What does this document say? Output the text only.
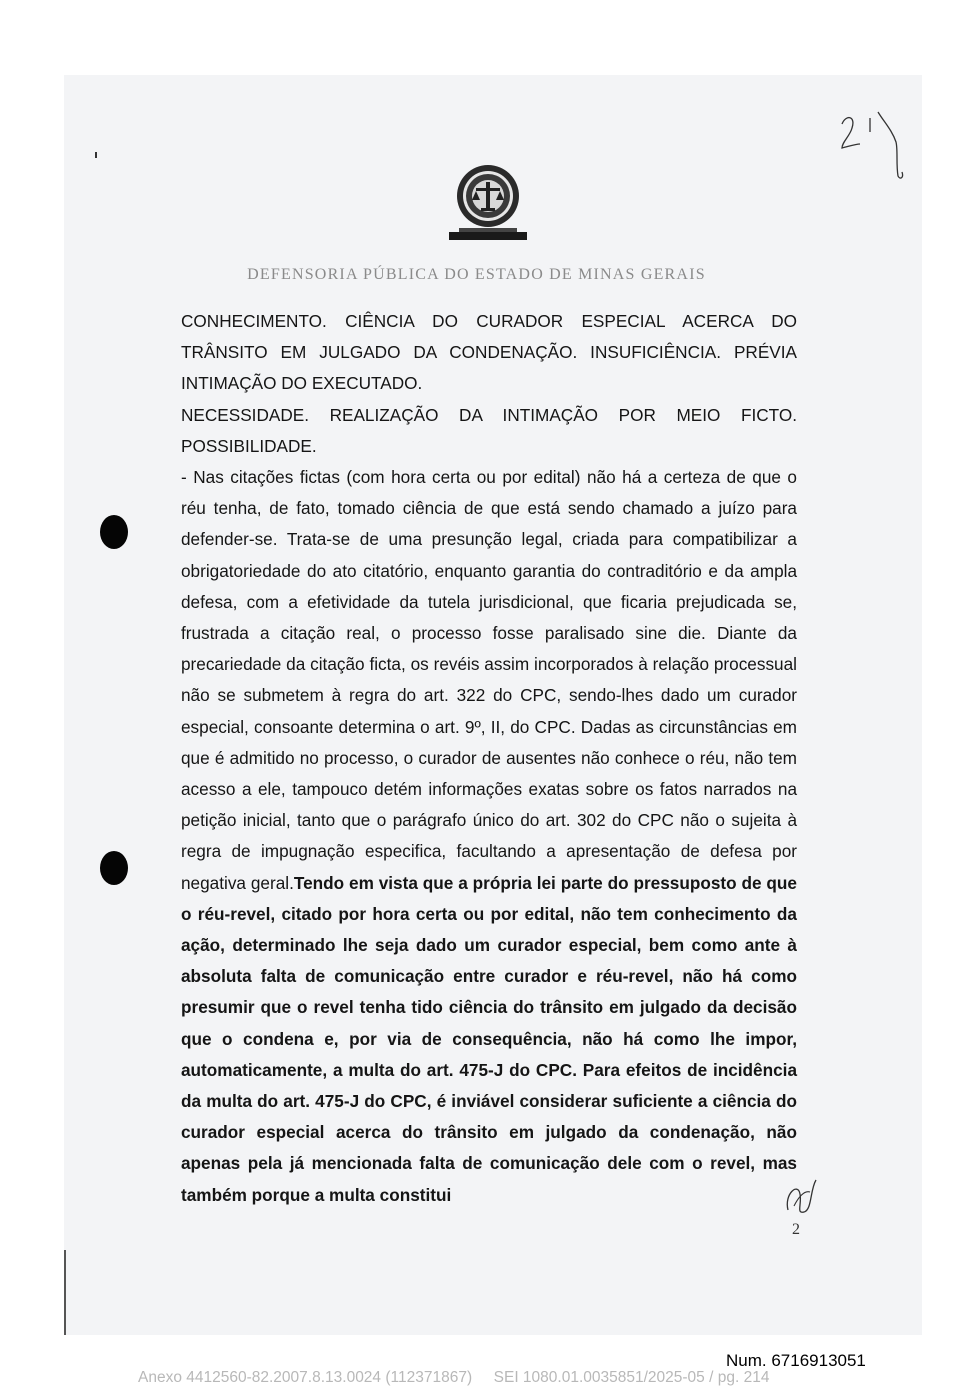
DEFENSORIA PÚBLICA DO ESTADO DE MINAS GERAIS

CONHECIMENTO. CIÊNCIA DO CURADOR ESPECIAL ACERCA DO TRÂNSITO EM JULGADO DA CONDENAÇÃO. INSUFICIÊNCIA. PRÉVIA INTIMAÇÃO DO EXECUTADO.

NECESSIDADE. REALIZAÇÃO DA INTIMAÇÃO POR MEIO FICTO. POSSIBILIDADE.

- Nas citações fictas (com hora certa ou por edital) não há a certeza de que o réu tenha, de fato, tomado ciência de que está sendo chamado a juízo para defender-se. Trata-se de uma presunção legal, criada para compatibilizar a obrigatoriedade do ato citatório, enquanto garantia do contraditório e da ampla defesa, com a efetividade da tutela jurisdicional, que ficaria prejudicada se, frustrada a citação real, o processo fosse paralisado sine die. Diante da precariedade da citação ficta, os revéis assim incorporados à relação processual não se submetem à regra do art. 322 do CPC, sendo-lhes dado um curador especial, consoante determina o art. 9º, II, do CPC. Dadas as circunstâncias em que é admitido no processo, o curador de ausentes não conhece o réu, não tem acesso a ele, tampouco detém informações exatas sobre os fatos narrados na petição inicial, tanto que o parágrafo único do art. 302 do CPC não o sujeita à regra de impugnação especifica, facultando a apresentação de defesa por negativa geral.Tendo em vista que a própria lei parte do pressuposto de que o réu-revel, citado por hora certa ou por edital, não tem conhecimento da ação, determinado lhe seja dado um curador especial, bem como ante à absoluta falta de comunicação entre curador e réu-revel, não há como presumir que o revel tenha tido ciência do trânsito em julgado da decisão que o condena e, por via de consequência, não há como lhe impor, automaticamente, a multa do art. 475-J do CPC. Para efeitos de incidência da multa do art. 475-J do CPC, é inviável considerar suficiente a ciência do curador especial acerca do trânsito em julgado da condenação, não apenas pela já mencionada falta de comunicação dele com o revel, mas também porque a multa constitui

2
Num. 6716913051
Anexo 4412560-82.2007.8.13.0024 (112371867)     SEI 1080.01.0035851/2025-05 / pg. 214
